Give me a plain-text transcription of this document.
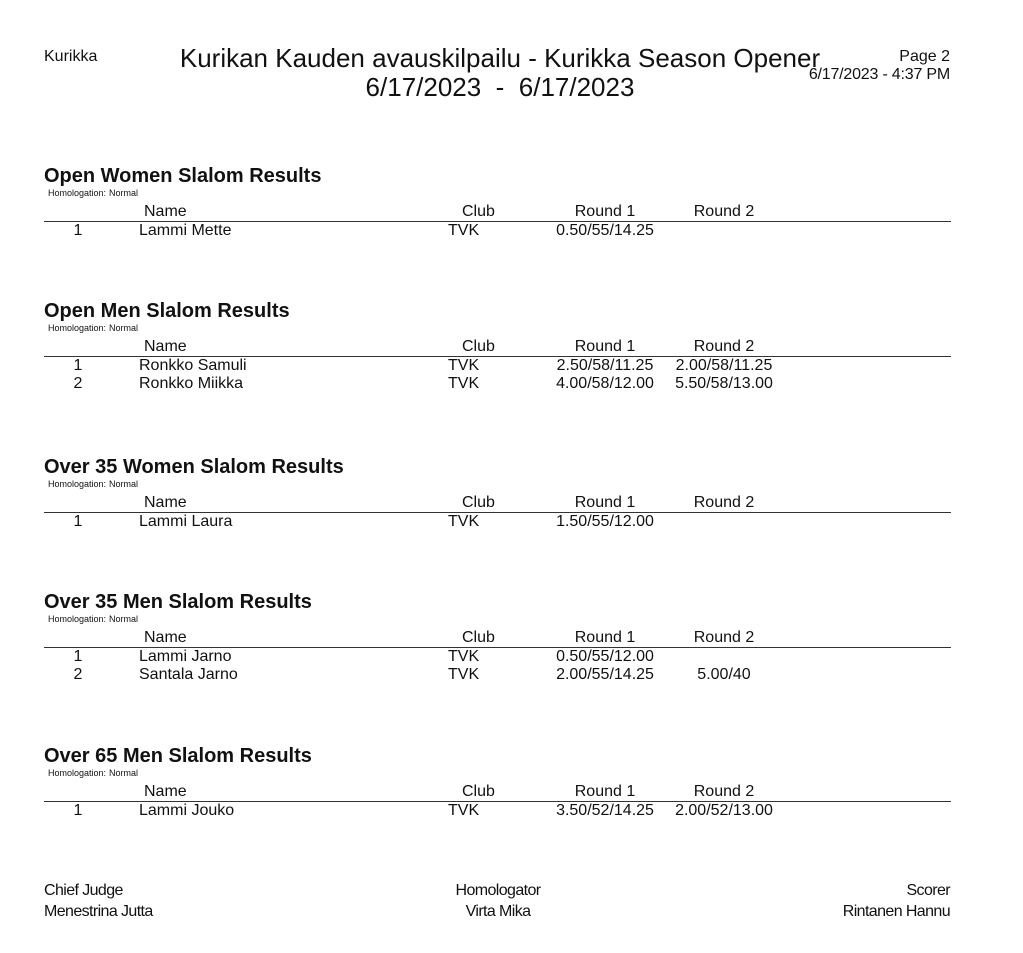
Kurikka	Kurikan Kauden avauskilpailu - Kurikka Season Opener
6/17/2023  -  6/17/2023
Page 2
6/17/2023 - 4:37 PM
Open Women Slalom Results
Homologation: Normal
Name	Club	Round 1	Round 2
1	Lammi Mette	TVK	0.50/55/14.25
Open Men Slalom Results
Homologation: Normal
Name	Club	Round 1	Round 2
1	Ronkko Samuli	TVK	2.50/58/11.25	2.00/58/11.25
2	Ronkko Miikka	TVK	4.00/58/12.00	5.50/58/13.00
Over 35 Women Slalom Results
Homologation: Normal
Name	Club	Round 1	Round 2
1	Lammi Laura	TVK	1.50/55/12.00
Over 35 Men Slalom Results
Homologation: Normal
Name	Club	Round 1	Round 2
1	Lammi Jarno	TVK	0.50/55/12.00
2	Santala Jarno	TVK	2.00/55/14.25	5.00/40
Over 65 Men Slalom Results
Homologation: Normal
Name	Club	Round 1	Round 2
1	Lammi Jouko	TVK	3.50/52/14.25	2.00/52/13.00
Chief Judge
Menestrina Jutta
Homologator
Virta Mika
Scorer
Rintanen Hannu
